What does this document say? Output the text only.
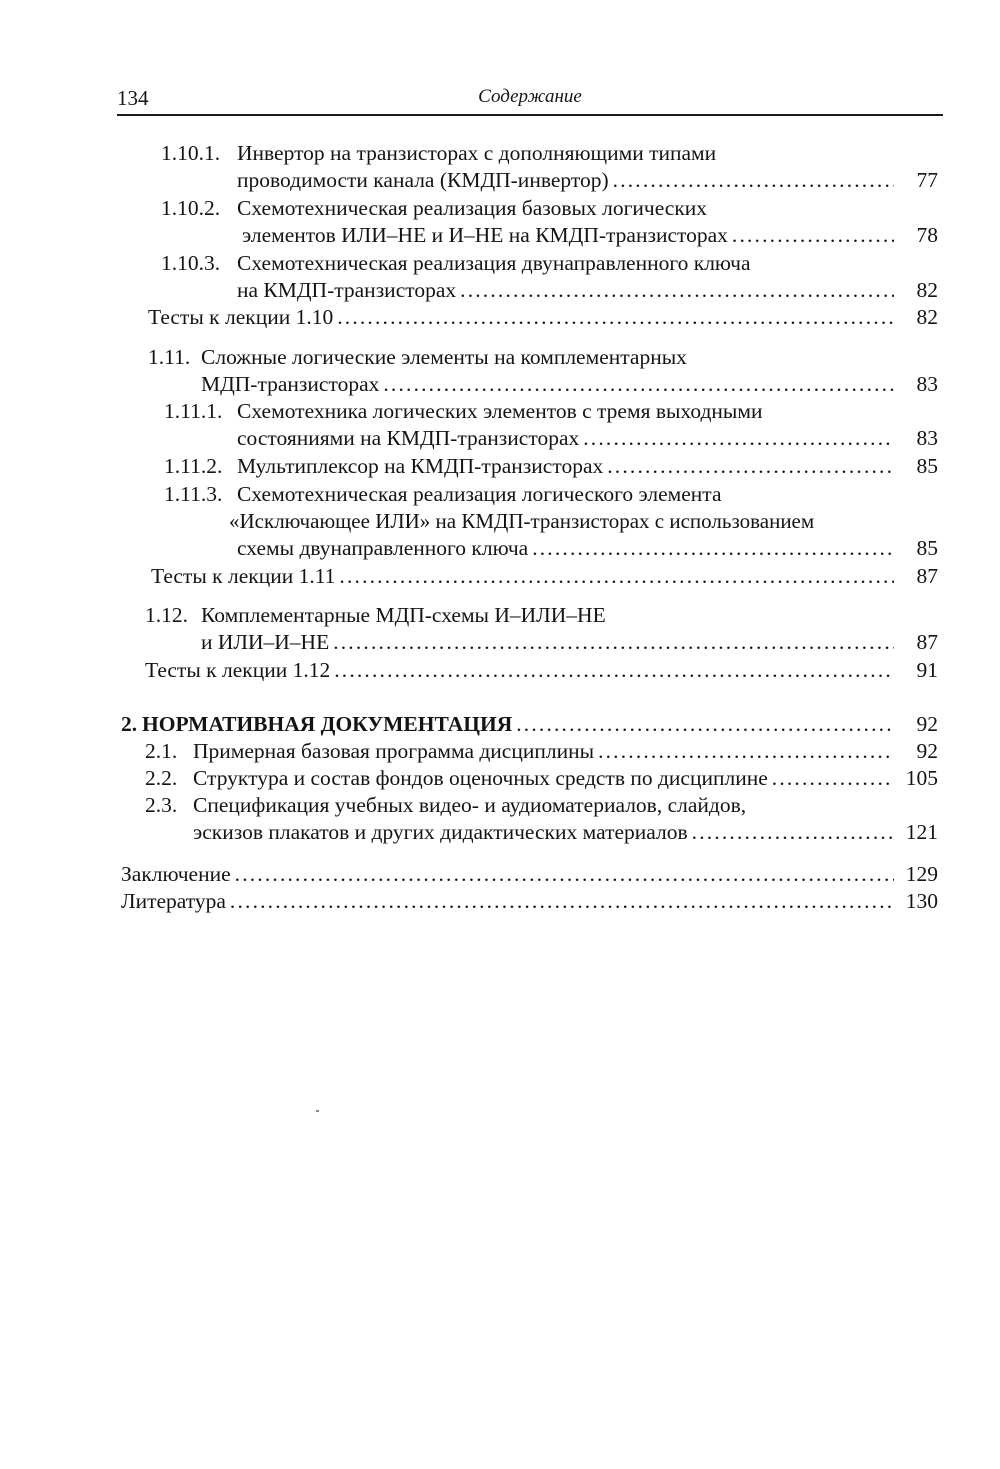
134	Содержание
1.10.1. Инвертор на транзисторах с дополняющими типами
проводимости канала (КМДП-инвертор) . . .	77
1.10.2. Схемотехническая реализация базовых логических
элементов ИЛИ–НЕ и И–НЕ на КМДП-транзисторах . . .	78
1.10.3. Схемотехническая реализация двунаправленного ключа
на КМДП-транзисторах . . .	82
Тесты к лекции 1.10 . . .	82
1.11. Сложные логические элементы на комплементарных
МДП-транзисторах . . .	83
1.11.1. Схемотехника логических элементов с тремя выходными
состояниями на КМДП-транзисторах . . .	83
1.11.2. Мультиплексор на КМДП-транзисторах . . .	85
1.11.3. Схемотехническая реализация логического элемента
«Исключающее ИЛИ» на КМДП-транзисторах с использованием
схемы двунаправленного ключа . . .	85
Тесты к лекции 1.11 . . .	87
1.12. Комплементарные МДП-схемы И–ИЛИ–НЕ
и ИЛИ–И–НЕ . . .	87
Тесты к лекции 1.12 . . .	91
2. НОРМАТИВНАЯ ДОКУМЕНТАЦИЯ . . .	92
2.1. Примерная базовая программа дисциплины . . .	92
2.2. Структура и состав фондов оценочных средств по дисциплине . . .	105
2.3. Спецификация учебных видео- и аудиоматериалов, слайдов,
эскизов плакатов и других дидактических материалов . . .	121
Заключение . . .	129
Литература . . .	130
